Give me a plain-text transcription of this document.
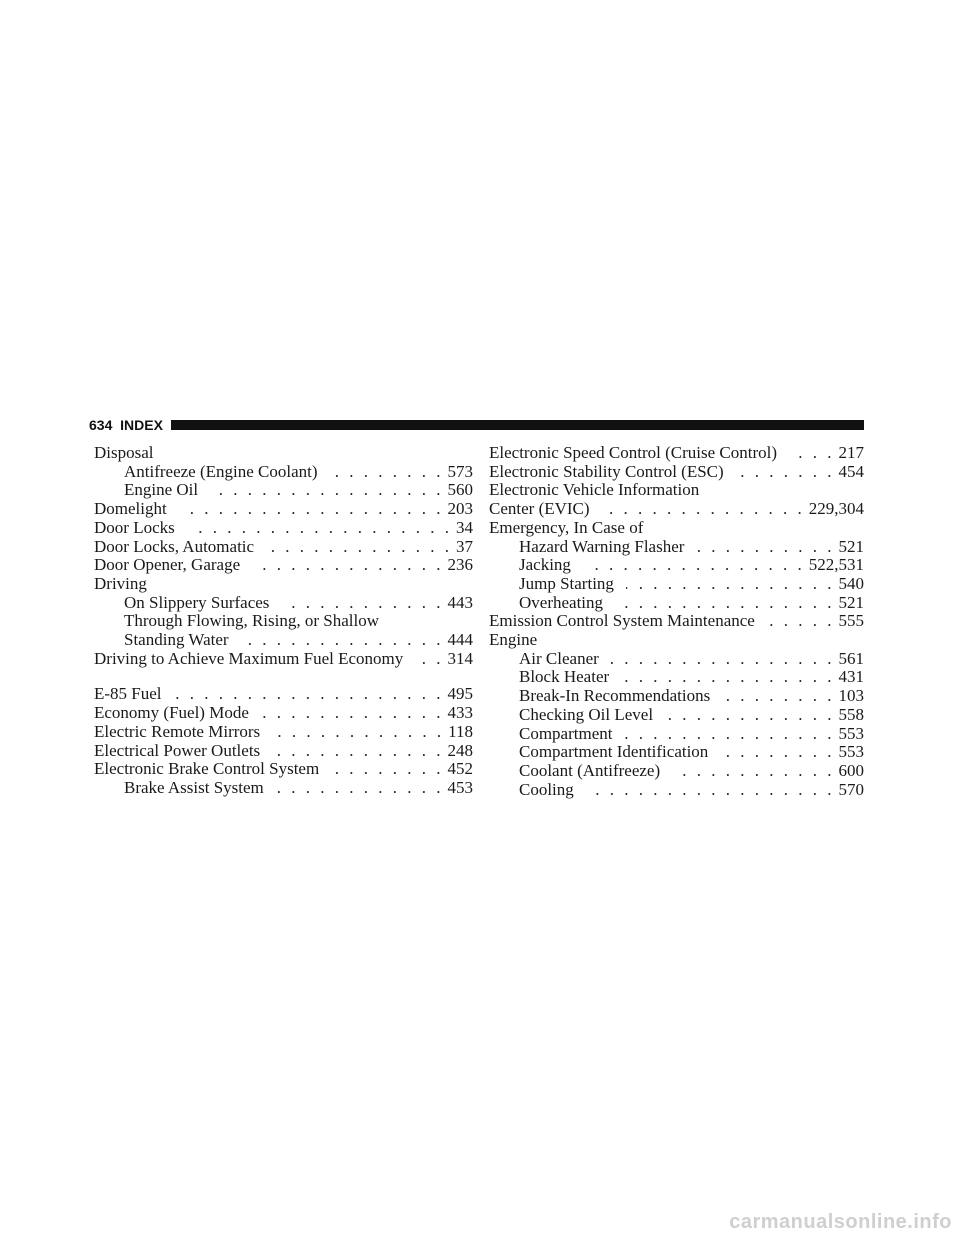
634
INDEX
Disposal
Antifreeze (Engine Coolant) . . .	573
Engine Oil . . .	560
Domelight . . .	203
Door Locks . . .	34
Door Locks, Automatic . . .	37
Door Opener, Garage . . .	236
Driving
On Slippery Surfaces . . .	443
Through Flowing, Rising, or Shallow
Standing Water . . .	444
Driving to Achieve Maximum Fuel Economy . . .	314
E-85 Fuel . . .	495
Economy (Fuel) Mode . . .	433
Electric Remote Mirrors . . .	118
Electrical Power Outlets . . .	248
Electronic Brake Control System . . .	452
Brake Assist System . . .	453
Electronic Speed Control (Cruise Control) . . .	217
Electronic Stability Control (ESC) . . .	454
Electronic Vehicle Information
Center (EVIC) . . .	229,304
Emergency, In Case of
Hazard Warning Flasher . . .	521
Jacking . . .	522,531
Jump Starting . . .	540
Overheating . . .	521
Emission Control System Maintenance . . .	555
Engine
Air Cleaner . . .	561
Block Heater . . .	431
Break-In Recommendations . . .	103
Checking Oil Level . . .	558
Compartment . . .	553
Compartment Identification . . .	553
Coolant (Antifreeze) . . .	600
Cooling . . .	570
carmanualsonline.info
